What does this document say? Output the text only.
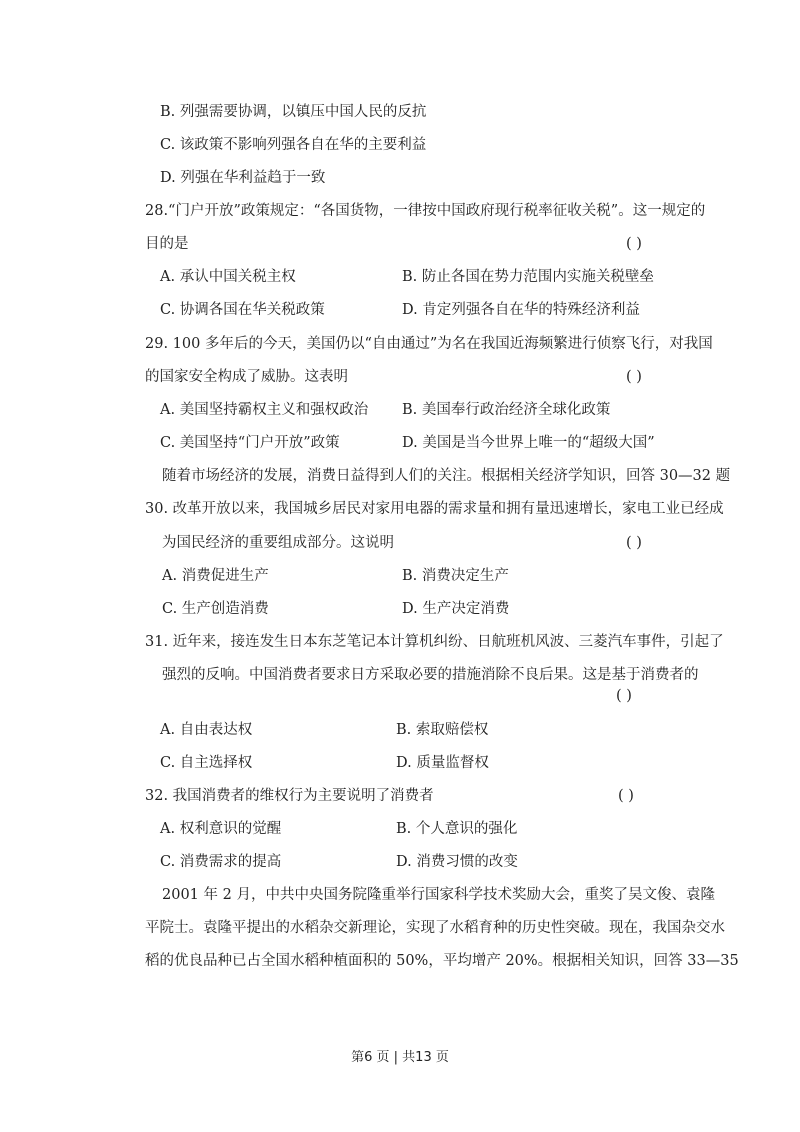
B. 列强需要协调，以镇压中国人民的反抗
C. 该政策不影响列强各自在华的主要利益
D. 列强在华利益趋于一致
28.“门户开放”政策规定：“各国货物，一律按中国政府现行税率征收关税”。这一规定的
目的是	( )
A. 承认中国关税主权	B. 防止各国在势力范围内实施关税壁垒
C. 协调各国在华关税政策	D. 肯定列强各自在华的特殊经济利益
29. 100 多年后的今天，美国仍以“自由通过”为名在我国近海频繁进行侦察飞行，对我国
的国家安全构成了威胁。这表明	( )
A. 美国坚持霸权主义和强权政治 B. 美国奉行政治经济全球化政策
C. 美国坚持“门户开放”政策	D. 美国是当今世界上唯一的“超级大国”
随着市场经济的发展，消费日益得到人们的关注。根据相关经济学知识，回答 30—32 题
30. 改革开放以来，我国城乡居民对家用电器的需求量和拥有量迅速增长，家电工业已经成
为国民经济的重要组成部分。这说明	( )
A. 消费促进生产	B. 消费决定生产
C. 生产创造消费	D. 生产决定消费
31. 近年来，接连发生日本东芝笔记本计算机纠纷、日航班机风波、三菱汽车事件，引起了
强烈的反响。中国消费者要求日方采取必要的措施消除不良后果。这是基于消费者的
( )
A. 自由表达权	B. 索取赔偿权
C. 自主选择权	D. 质量监督权
32. 我国消费者的维权行为主要说明了消费者	( )
A. 权利意识的觉醒	B. 个人意识的强化
C. 消费需求的提高	D. 消费习惯的改变
2001 年 2 月，中共中央国务院隆重举行国家科学技术奖励大会，重奖了吴文俊、袁隆
平院士。袁隆平提出的水稻杂交新理论，实现了水稻育种的历史性突破。现在，我国杂交水
稻的优良品种已占全国水稻种植面积的 50%，平均增产 20%。根据相关知识，回答 33—35
第6 页 | 共13 页
